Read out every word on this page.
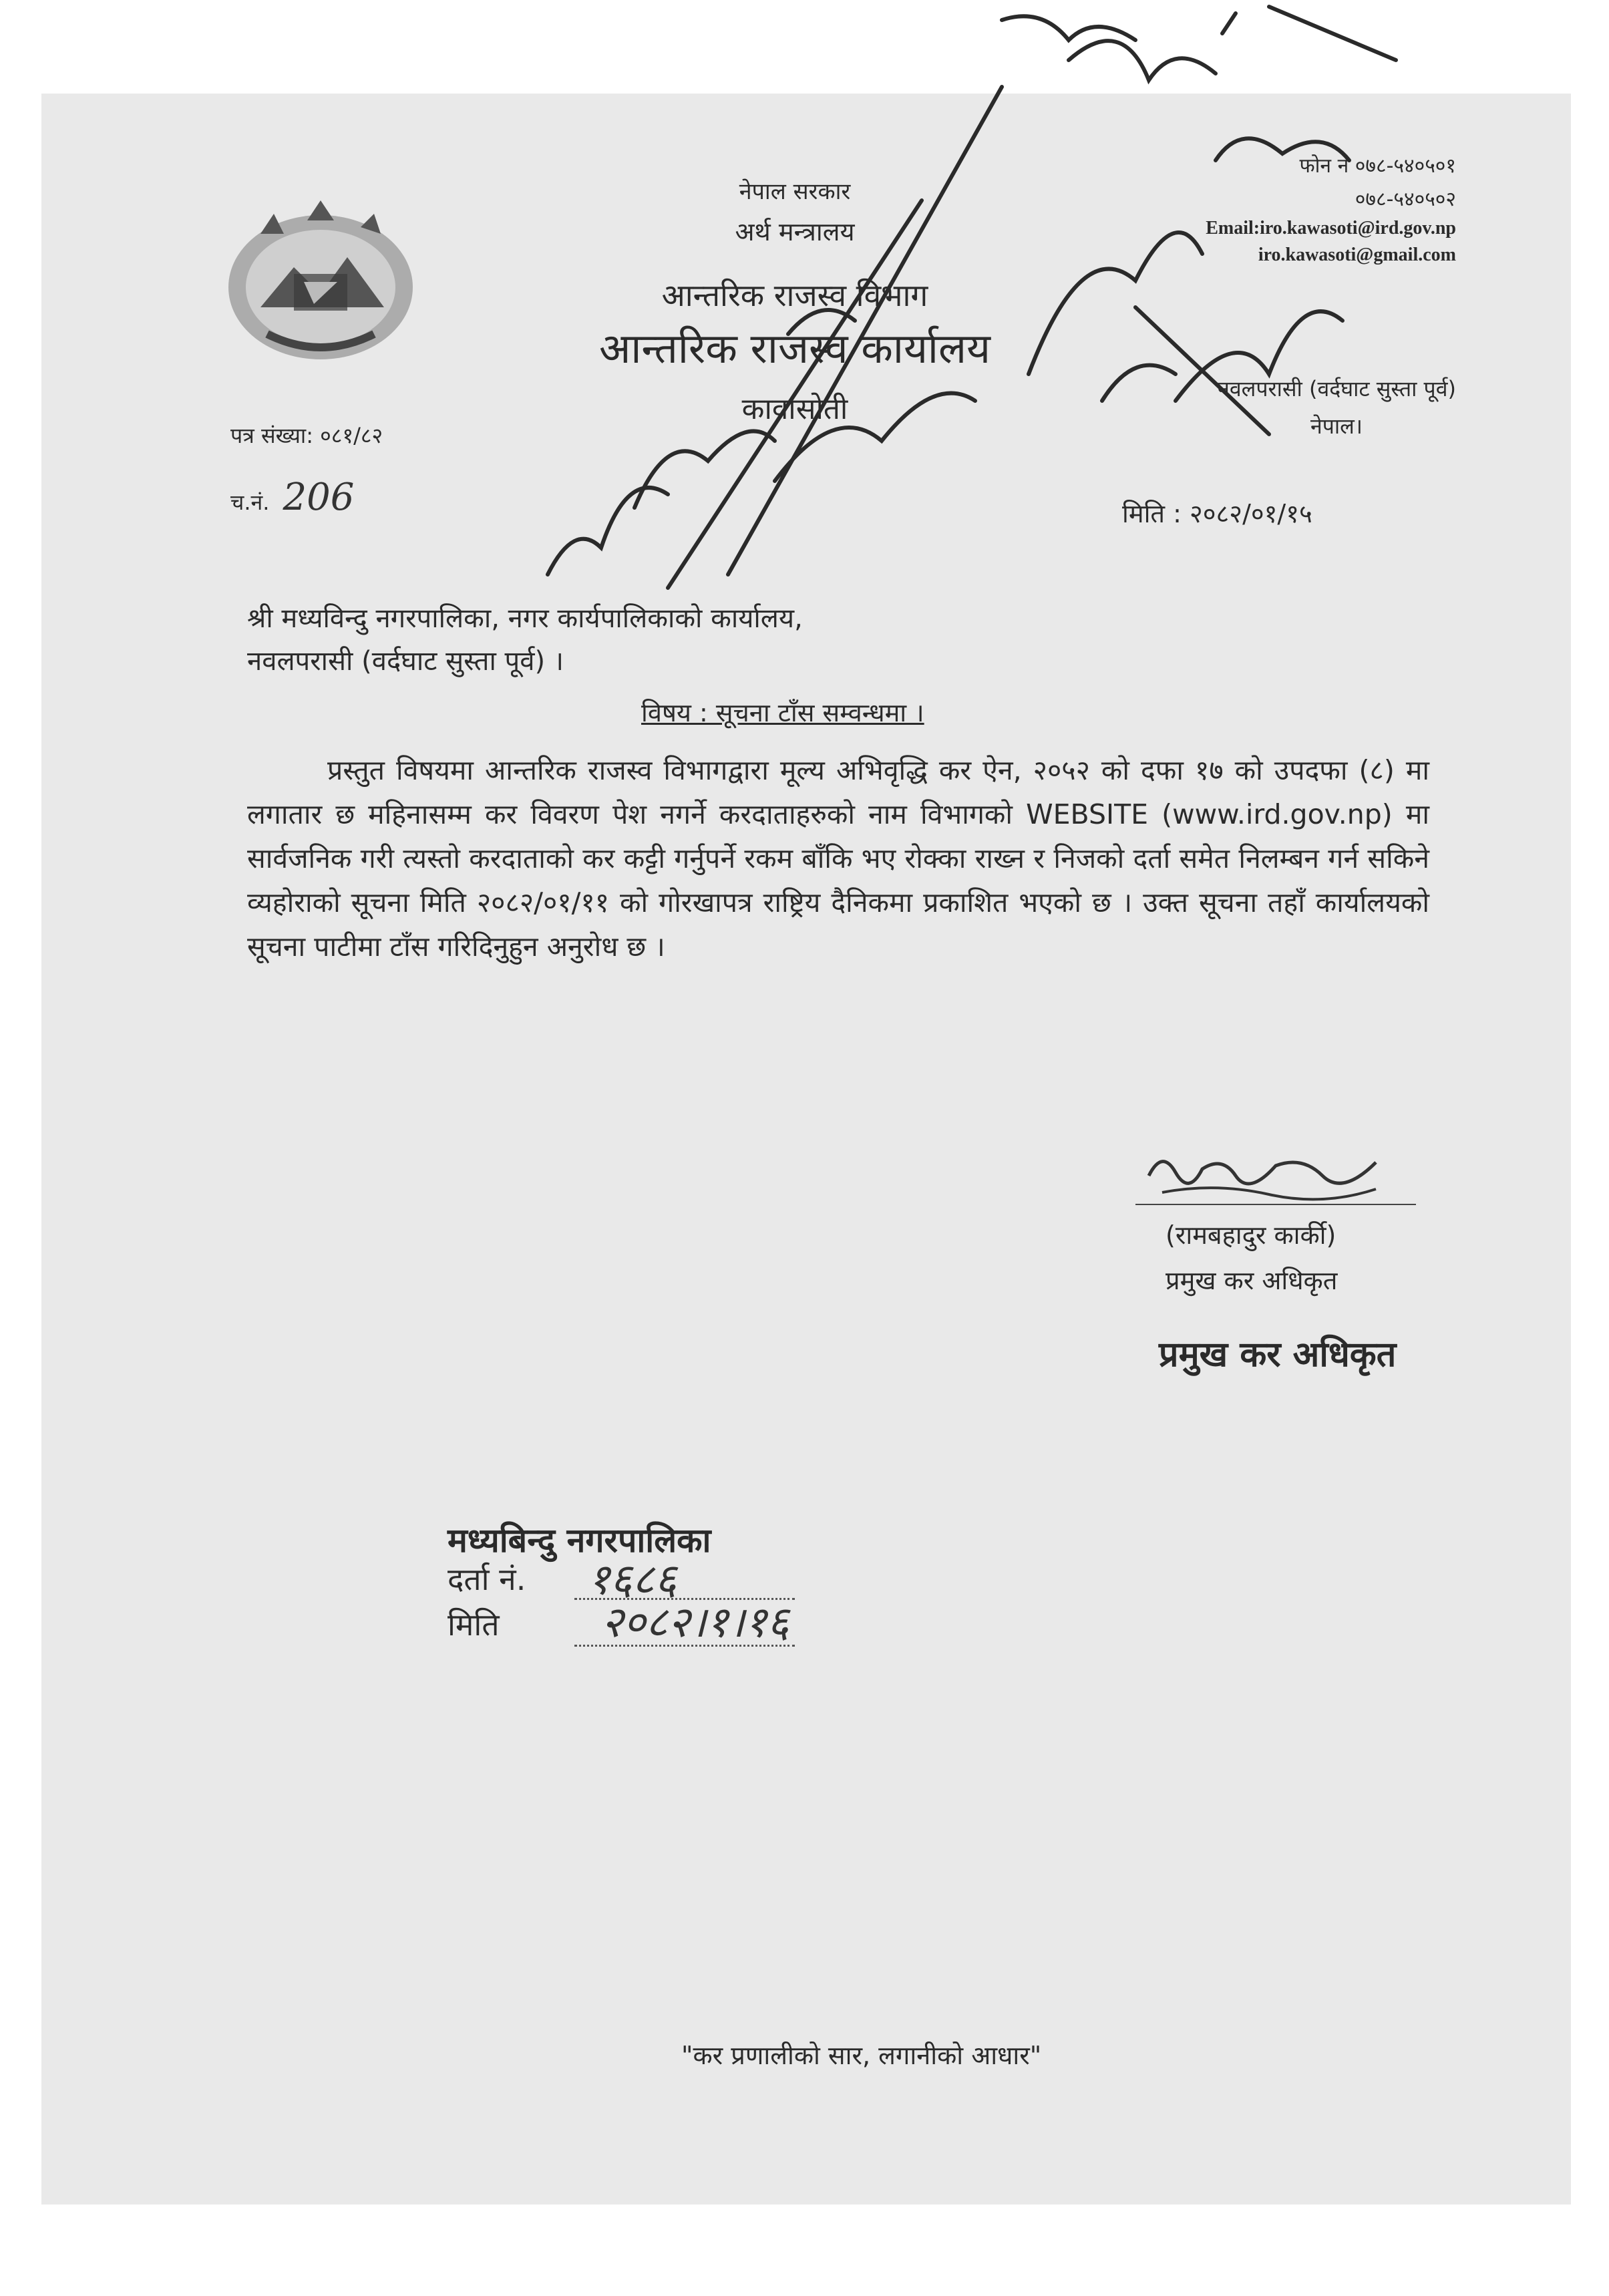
नेपाल सरकार
अर्थ मन्त्रालय
आन्तरिक राजस्व विभाग
आन्तरिक राजस्व कार्यालय
कावासोती
फोन न ०७८-५४०५०१
०७८-५४०५०२
Email:iro.kawasoti@ird.gov.np
iro.kawasoti@gmail.com
नवलपरासी (वर्दघाट सुस्ता पूर्व)
नेपाल।
पत्र संख्या: ०८१/८२
च.नं. 206	मिति : २०८२/०१/१५
श्री मध्यविन्दु नगरपालिका, नगर कार्यपालिकाको कार्यालय,
नवलपरासी (वर्दघाट सुस्ता पूर्व) ।
विषय : सूचना टाँस सम्वन्धमा ।
प्रस्तुत विषयमा आन्तरिक राजस्व विभागद्वारा मूल्य अभिवृद्धि कर ऐन, २०५२ को दफा १७ को उपदफा (८) मा लगातार छ महिनासम्म कर विवरण पेश नगर्ने करदाताहरुको नाम विभागको WEBSITE (www.ird.gov.np) मा सार्वजनिक गरी त्यस्तो करदाताको कर कट्टी गर्नुपर्ने रकम बाँकि भए रोक्का राख्न र निजको दर्ता समेत निलम्बन गर्न सकिने व्यहोराको सूचना मिति २०८२/०१/११ को गोरखापत्र राष्ट्रिय दैनिकमा प्रकाशित भएको छ । उक्त सूचना तहाँ कार्यालयको सूचना पाटीमा टाँस गरिदिनुहुन अनुरोध छ ।
(रामबहादुर कार्की)
प्रमुख कर अधिकृत
प्रमुख कर अधिकृत
मध्यबिन्दु नगरपालिका
दर्ता नं. १६८६
मिति २०८२।१।१६
"कर प्रणालीको सार, लगानीको आधार"
